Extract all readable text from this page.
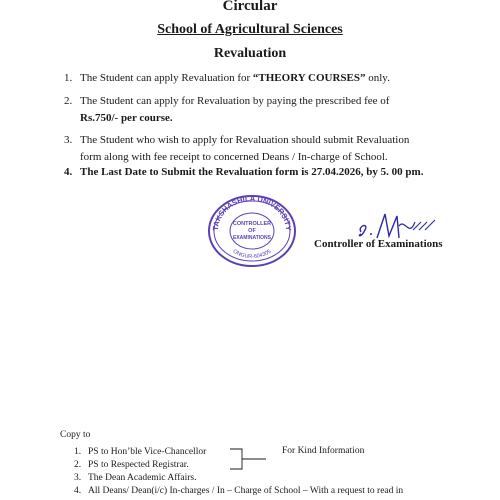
Circular
School of Agricultural Sciences
Revaluation
1. The Student can apply Revaluation for “THEORY COURSES” only.
2. The Student can apply for Revaluation by paying the prescribed fee of Rs.750/- per course.
3. The Student who wish to apply for Revaluation should submit Revaluation form along with fee receipt to concerned Deans / In-charge of School.
4. The Last Date to Submit the Revaluation form is 27.04.2026, by 5. 00 pm.
TAKSHASHILA UNIVERSITY
ONGUR-604305
CONTROLLER
OF
EXAMINATIONS	Controller of Examinations
Copy to
1. PS to Hon’ble Vice-Chancellor
2. PS to Respected Registrar.
3. The Dean Academic Affairs.
4. All Deans/ Dean(i/c) In-charges / In – Charge of School – With a request to read in
For Kind Information
